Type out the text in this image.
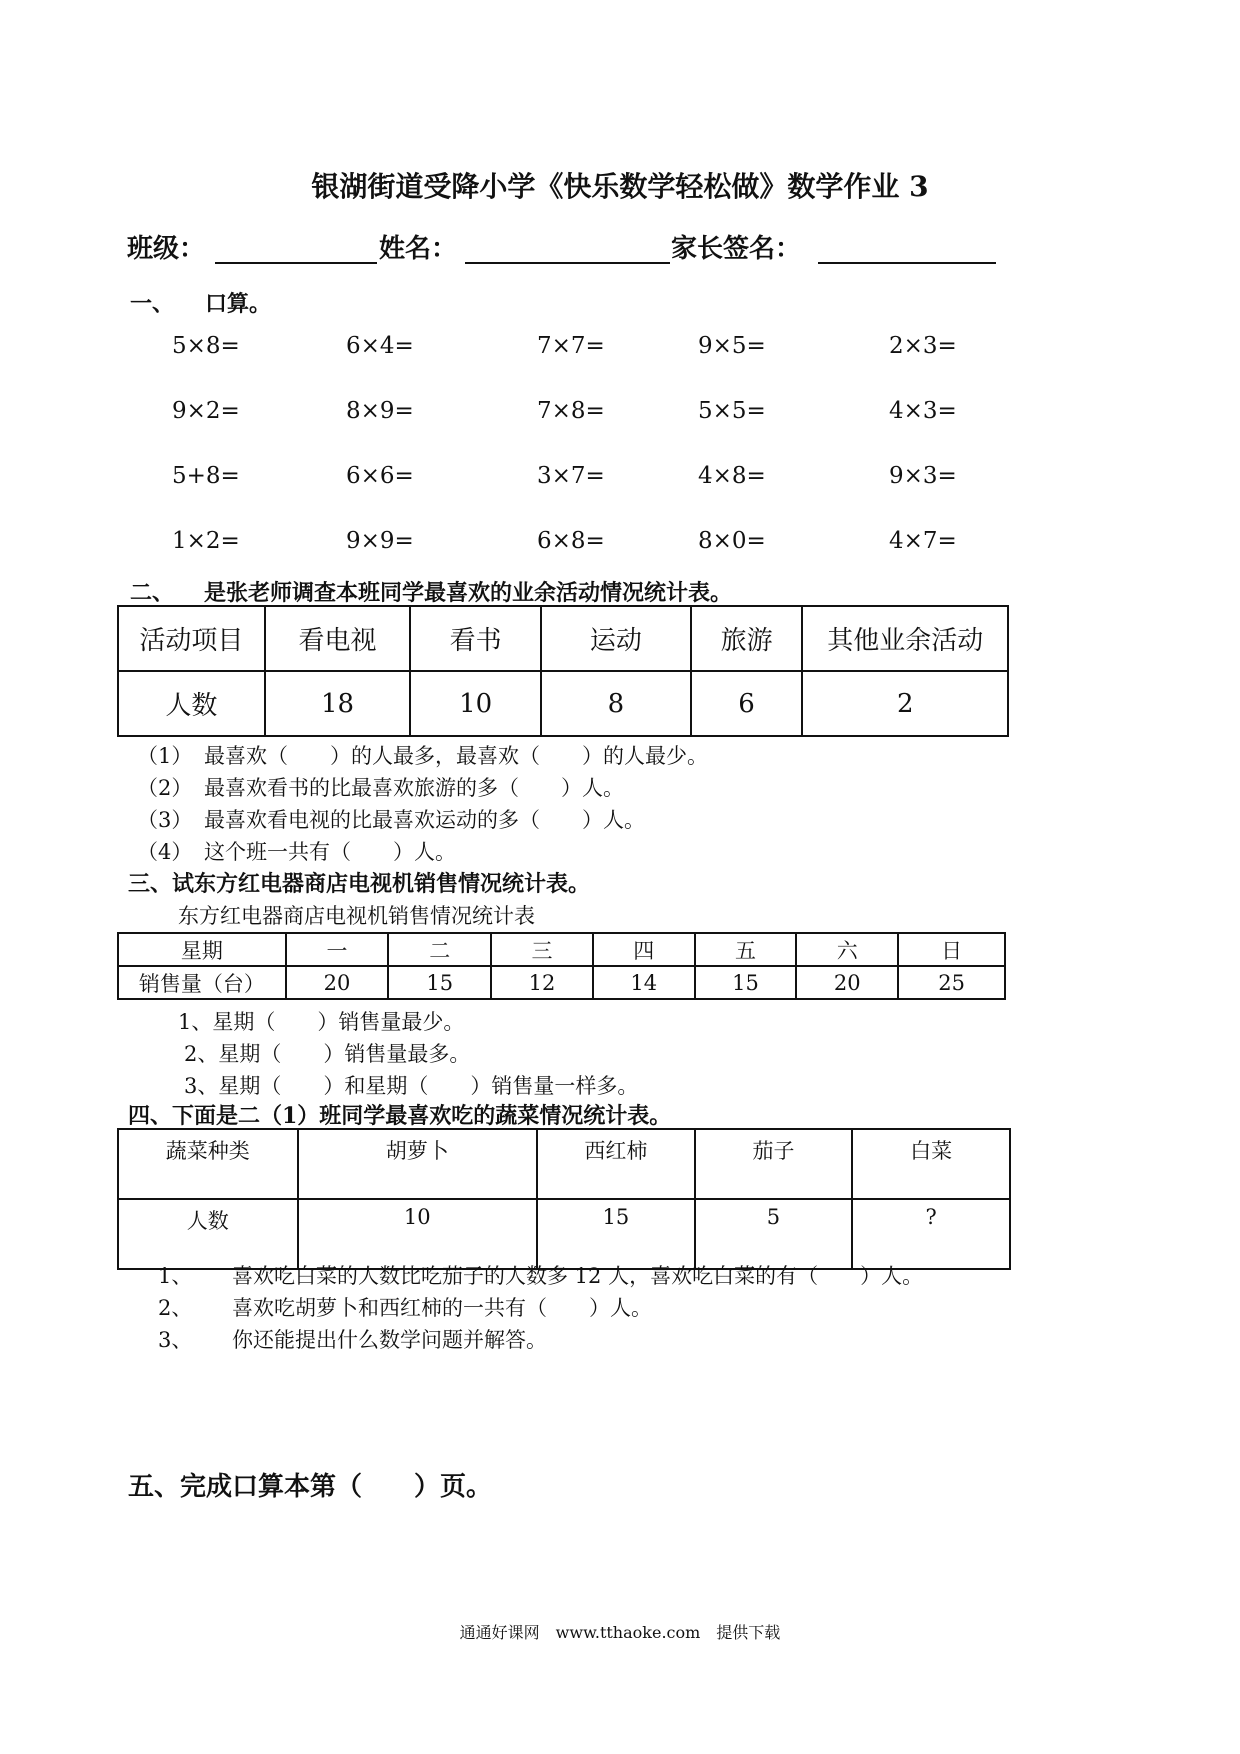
银湖街道受降小学《快乐数学轻松做》数学作业 3
班级：	姓名：	家长签名：
一、 口算。
5×8=	6×4=	7×7=	9×5=	2×3=
9×2=	8×9=	7×8=	5×5=	4×3=
5+8=	6×6=	3×7=	4×8=	9×3=
1×2=	9×9=	6×8=	8×0=	4×7=
二、 是张老师调查本班同学最喜欢的业余活动情况统计表。
活动项目	看电视	看书	运动	旅游	其他业余活动
人数	18	10	8	6	2
（1） 最喜欢（　　）的人最多，最喜欢（　　）的人最少。
（2） 最喜欢看书的比最喜欢旅游的多（　　）人。
（3） 最喜欢看电视的比最喜欢运动的多（　　）人。
（4） 这个班一共有（　　）人。
三、试东方红电器商店电视机销售情况统计表。
东方红电器商店电视机销售情况统计表
星期	一	二	三	四	五	六	日
销售量（台）	20	15	12	14	15	20	25
1、星期（　　）销售量最少。
2、星期（　　）销售量最多。
3、星期（　　）和星期（　　）销售量一样多。
四、下面是二（1）班同学最喜欢吃的蔬菜情况统计表。
蔬菜种类	胡萝卜	西红柿	茄子	白菜
人数	10	15	5	?
1、 喜欢吃白菜的人数比吃茄子的人数多 12 人，喜欢吃白菜的有（　　）人。
2、 喜欢吃胡萝卜和西红柿的一共有（　　）人。
3、 你还能提出什么数学问题并解答。
五、完成口算本第（　　）页。
通通好课网　www.tthaoke.com　提供下载
